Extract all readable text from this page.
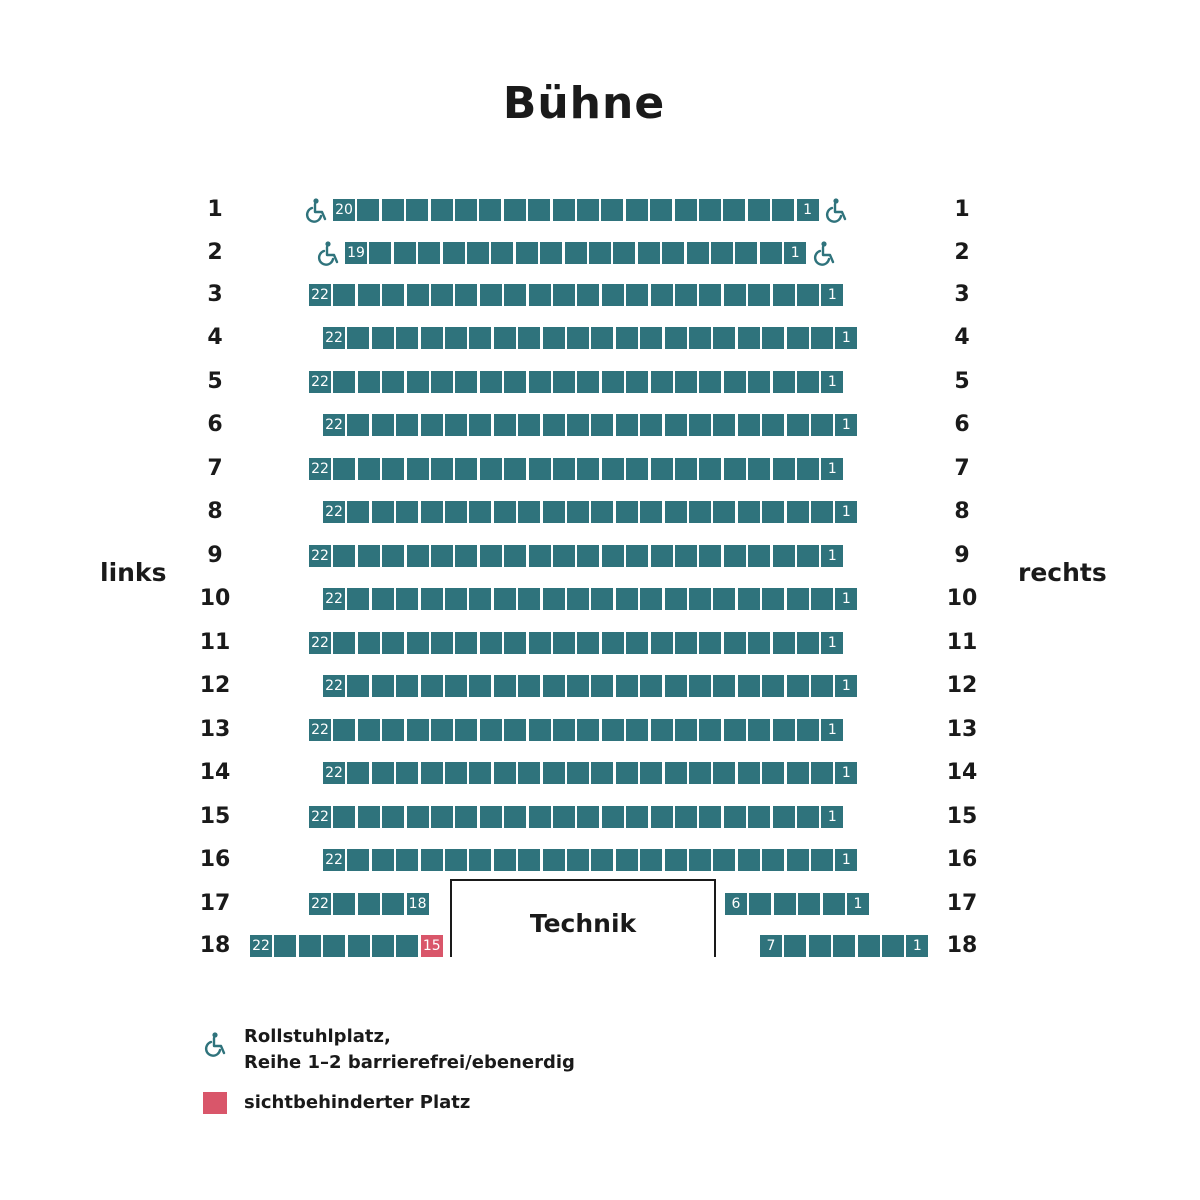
Bühne
links	rechts
1	1
20	1
2	2
19	1
3	3
22	1
4	4
22	1
5	5
22	1
6	6
22	1
7	7
22	1
8	8
22	1
9	9
22	1
10	10
22	1
11	11
22	1
12	12
22	1
13	13
22	1
14	14
22	1
15	15
22	1
16	16
22	1
17	17
22	18	6	1
18	18
22	15	7	1
Technik
Rollstuhlplatz,
Reihe 1–2 barrierefrei/ebenerdig
sichtbehinderter Platz
